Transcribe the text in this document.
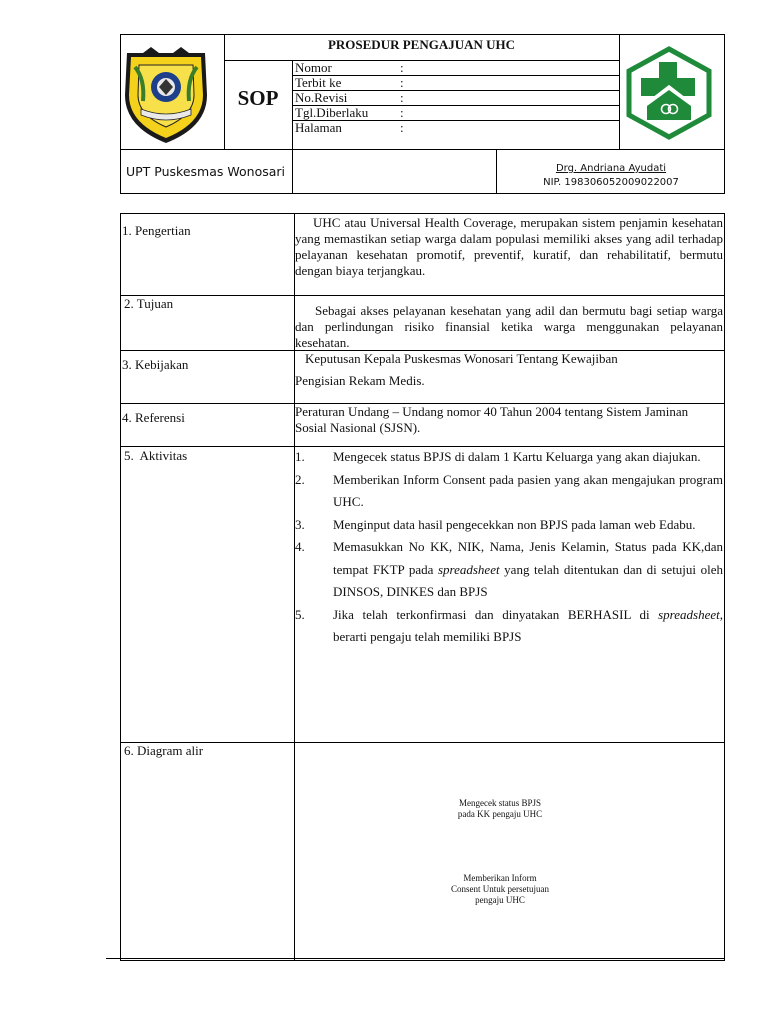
PROSEDUR PENGAJUAN UHC
SOP
Nomor	:
Terbit ke	:
No.Revisi	:
Tgl.Diberlaku :
Halaman	:
UPT Puskesmas Wonosari	Drg. Andriana Ayudati
NIP. 198306052009022007
1. Pengertian
UHC atau Universal Health Coverage, merupakan sistem penjamin kesehatan yang memastikan setiap warga dalam populasi memiliki akses yang adil terhadap pelayanan kesehatan promotif, preventif, kuratif, dan rehabilitatif, bermutu dengan biaya terjangkau.
2. Tujuan	Sebagai akses pelayanan kesehatan yang adil dan bermutu bagi setiap warga dan perlindungan risiko finansial ketika warga menggunakan pelayanan kesehatan.
3. Kebijakan	Keputusan Kepala Puskesmas Wonosari Tentang Kewajiban
Pengisian Rekam Medis.
4. Referensi	Peraturan Undang – Undang nomor 40 Tahun 2004 tentang Sistem Jaminan Sosial Nasional (SJSN).
5.  Aktivitas	1. Mengecek status BPJS di dalam 1 Kartu Keluarga yang akan diajukan.
2. Memberikan Inform Consent pada pasien yang akan mengajukan program UHC.
3. Menginput data hasil pengecekkan non BPJS pada laman web Edabu.
4. Memasukkan No KK, NIK, Nama, Jenis Kelamin, Status pada KK,dan tempat FKTP pada spreadsheet yang telah ditentukan dan di setujui oleh DINSOS, DINKES dan BPJS
5. Jika telah terkonfirmasi dan dinyatakan BERHASIL di spreadsheet, berarti pengaju telah memiliki BPJS
6. Diagram alir
Mengecek status BPJS
pada KK pengaju UHC
Memberikan Inform
Consent Untuk persetujuan
pengaju UHC
